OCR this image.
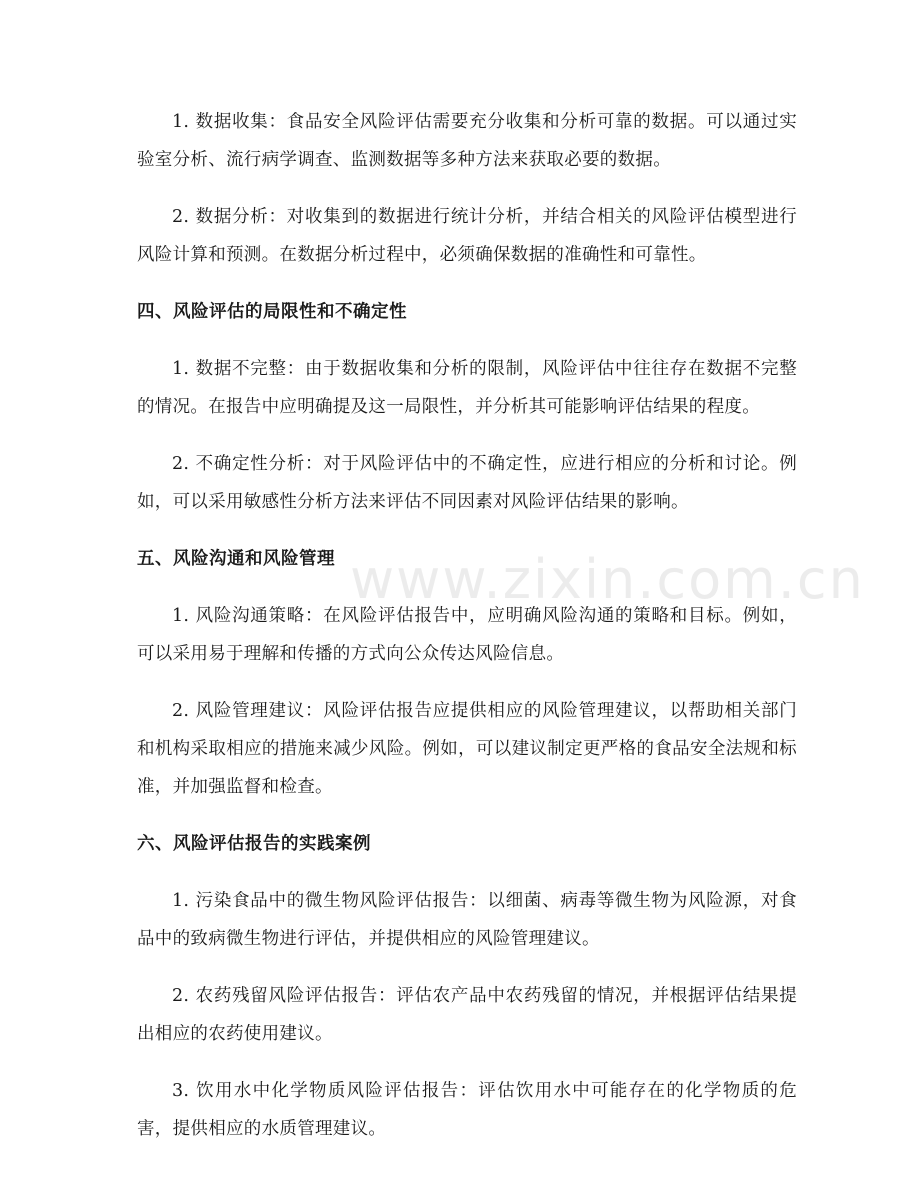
1. 数据收集：食品安全风险评估需要充分收集和分析可靠的数据。可以通过实验室分析、流行病学调查、监测数据等多种方法来获取必要的数据。

2. 数据分析：对收集到的数据进行统计分析，并结合相关的风险评估模型进行风险计算和预测。在数据分析过程中，必须确保数据的准确性和可靠性。

四、风险评估的局限性和不确定性

1. 数据不完整：由于数据收集和分析的限制，风险评估中往往存在数据不完整的情况。在报告中应明确提及这一局限性，并分析其可能影响评估结果的程度。

2. 不确定性分析：对于风险评估中的不确定性，应进行相应的分析和讨论。例如，可以采用敏感性分析方法来评估不同因素对风险评估结果的影响。

五、风险沟通和风险管理

1. 风险沟通策略：在风险评估报告中，应明确风险沟通的策略和目标。例如，可以采用易于理解和传播的方式向公众传达风险信息。

2. 风险管理建议：风险评估报告应提供相应的风险管理建议，以帮助相关部门和机构采取相应的措施来减少风险。例如，可以建议制定更严格的食品安全法规和标准，并加强监督和检查。

六、风险评估报告的实践案例

1. 污染食品中的微生物风险评估报告：以细菌、病毒等微生物为风险源，对食品中的致病微生物进行评估，并提供相应的风险管理建议。

2. 农药残留风险评估报告：评估农产品中农药残留的情况，并根据评估结果提出相应的农药使用建议。

3. 饮用水中化学物质风险评估报告：评估饮用水中可能存在的化学物质的危害，提供相应的水质管理建议。

www.zixin.com.cn
